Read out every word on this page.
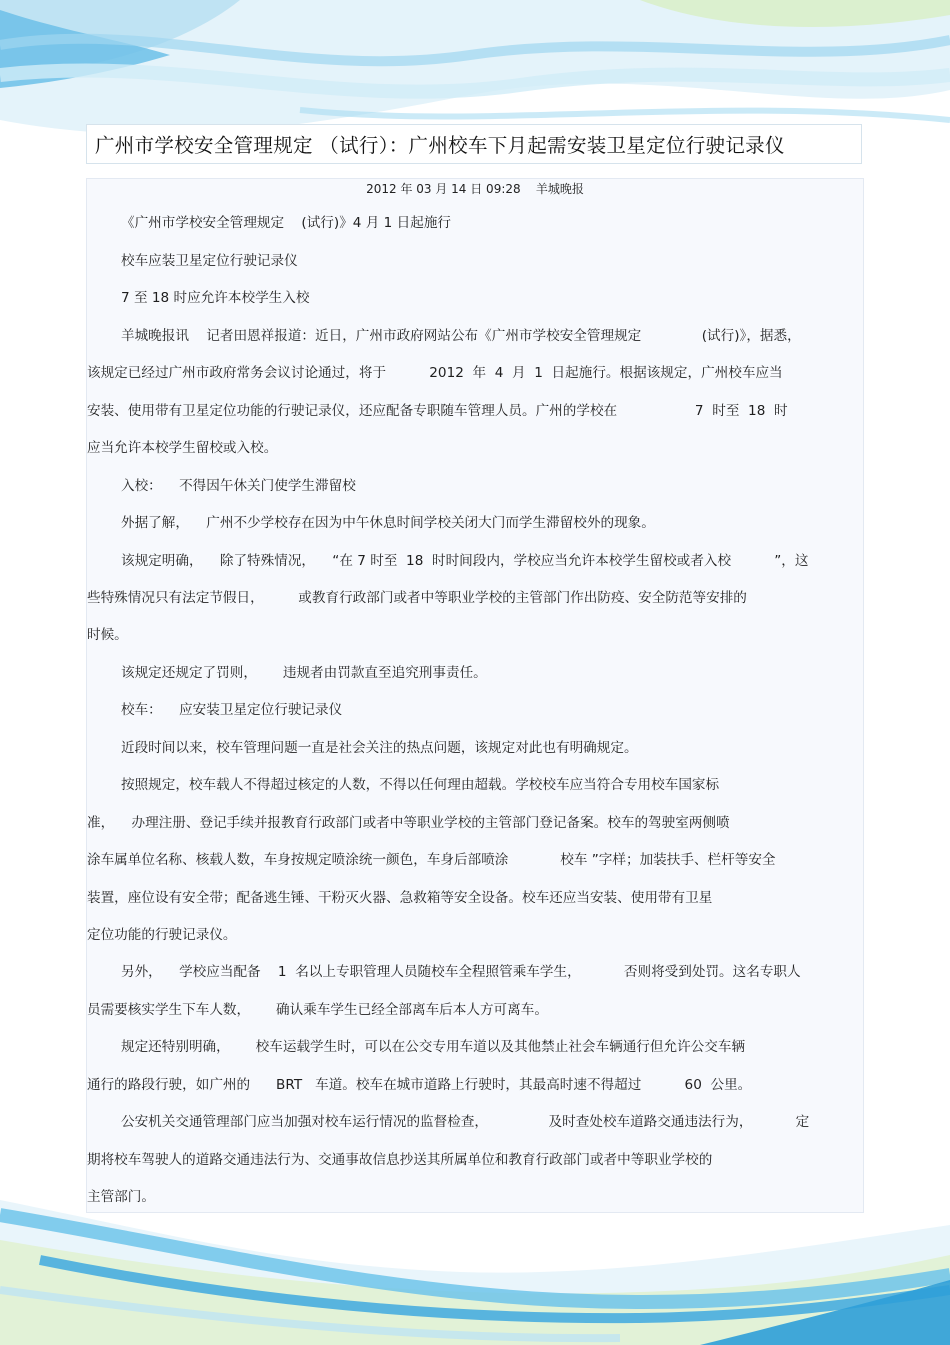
广州市学校安全管理规定 （试行）：广州校车下月起需安装卫星定位行驶记录仪
2012 年 03 月 14 日 09:28    羊城晚报
《广州市学校安全管理规定    (试行)》4 月 1 日起施行
校车应装卫星定位行驶记录仪
7 至 18 时应允许本校学生入校
羊城晚报讯    记者田恩祥报道：近日，广州市政府网站公布《广州市学校安全管理规定              (试行)》，据悉，
该规定已经过广州市政府常务会议讨论通过，将于          2012  年  4  月  1  日起施行。根据该规定，广州校车应当
安装、使用带有卫星定位功能的行驶记录仪，还应配备专职随车管理人员。广州的学校在                  7  时至  18  时
应当允许本校学生留校或入校。
入校：    不得因午休关门使学生滞留校
外据了解，    广州不少学校存在因为中午休息时间学校关闭大门而学生滞留校外的现象。
该规定明确，    除了特殊情况，    “在 7 时至  18  时时间段内，学校应当允许本校学生留校或者入校          ”，这
些特殊情况只有法定节假日，        或教育行政部门或者中等职业学校的主管部门作出防疫、安全防范等安排的
时候。
该规定还规定了罚则，      违规者由罚款直至追究刑事责任。
校车：    应安装卫星定位行驶记录仪
近段时间以来，校车管理问题一直是社会关注的热点问题，该规定对此也有明确规定。
按照规定，校车载人不得超过核定的人数，不得以任何理由超载。学校校车应当符合专用校车国家标
准，    办理注册、登记手续并报教育行政部门或者中等职业学校的主管部门登记备案。校车的驾驶室两侧喷
涂车属单位名称、核载人数，车身按规定喷涂统一颜色，车身后部喷涂            校车 ”字样；加装扶手、栏杆等安全
装置，座位设有安全带；配备逃生锤、干粉灭火器、急救箱等安全设备。校车还应当安装、使用带有卫星
定位功能的行驶记录仪。
另外，    学校应当配备    1  名以上专职管理人员随校车全程照管乘车学生，          否则将受到处罚。这名专职人
员需要核实学生下车人数，      确认乘车学生已经全部离车后本人方可离车。
规定还特别明确，      校车运载学生时，可以在公交专用车道以及其他禁止社会车辆通行但允许公交车辆
通行的路段行驶，如广州的      BRT   车道。校车在城市道路上行驶时，其最高时速不得超过          60  公里。
公安机关交通管理部门应当加强对校车运行情况的监督检查，              及时查处校车道路交通违法行为，          定
期将校车驾驶人的道路交通违法行为、交通事故信息抄送其所属单位和教育行政部门或者中等职业学校的
主管部门。
